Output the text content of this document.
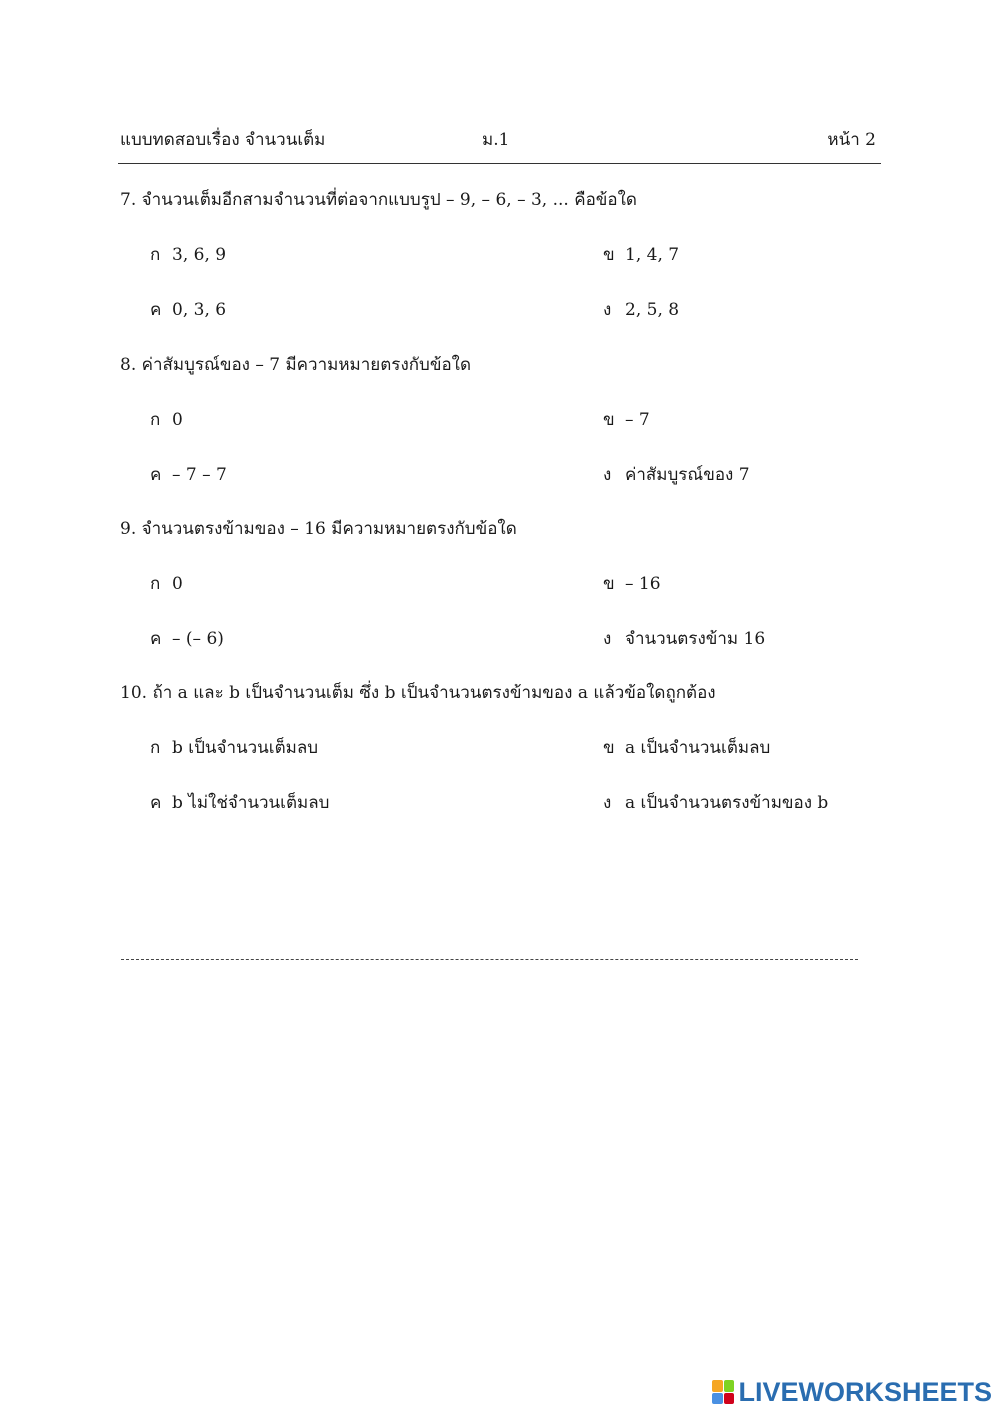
แบบทดสอบเรื่อง จำนวนเต็ม	ม.1	หน้า 2
7. จำนวนเต็มอีกสามจำนวนที่ต่อจากแบบรูป – 9, – 6, – 3, ... คือข้อใด
ก 3, 6, 9	ข 1, 4, 7
ค 0, 3, 6	ง 2, 5, 8
8. ค่าสัมบูรณ์ของ – 7 มีความหมายตรงกับข้อใด
ก 0	ข – 7
ค – 7 – 7	ง ค่าสัมบูรณ์ของ 7
9. จำนวนตรงข้ามของ – 16 มีความหมายตรงกับข้อใด
ก 0	ข – 16
ค – (– 6)	ง จำนวนตรงข้าม 16
10. ถ้า a และ b เป็นจำนวนเต็ม ซึ่ง b เป็นจำนวนตรงข้ามของ a แล้วข้อใดถูกต้อง
ก b เป็นจำนวนเต็มลบ	ข a เป็นจำนวนเต็มลบ
ค b ไม่ใช่จำนวนเต็มลบ	ง a เป็นจำนวนตรงข้ามของ b
LIVEWORKSHEETS
